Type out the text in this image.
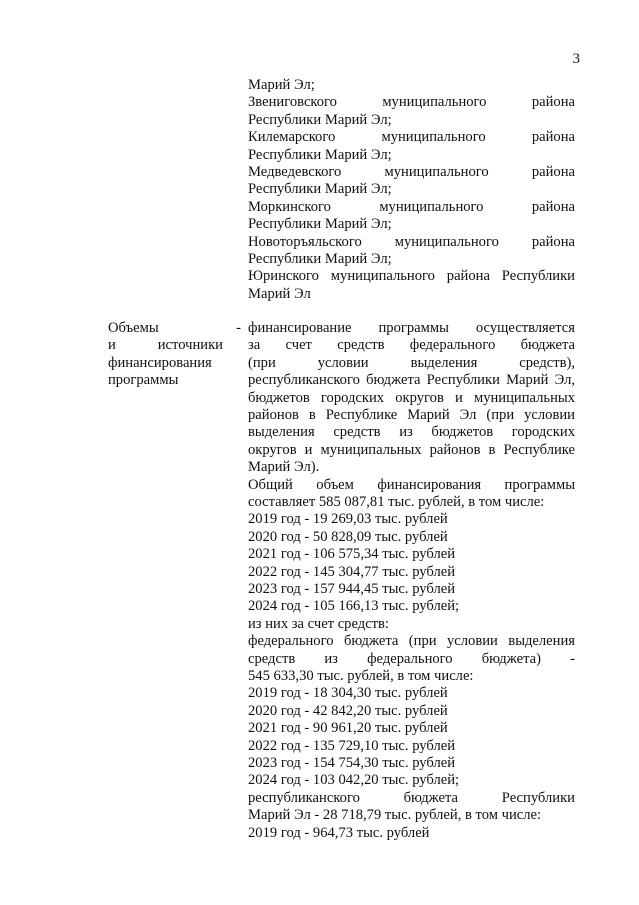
3
Марий Эл;
Звениговского муниципального района
Республики Марий Эл;
Килемарского муниципального района
Республики Марий Эл;
Медведевского муниципального района
Республики Марий Эл;
Моркинского муниципального района
Республики Марий Эл;
Новоторъяльского муниципального района
Республики Марий Эл;
Юринского муниципального района Республики
Марий Эл
Объемы
и источники
финансирования
программы
- финансирование программы осуществляется
за счет средств федерального бюджета
(при условии выделения средств),
республиканского бюджета Республики Марий Эл,
бюджетов городских округов и муниципальных
районов в Республике Марий Эл (при условии
выделения средств из бюджетов городских
округов и муниципальных районов в Республике
Марий Эл).
Общий объем финансирования программы
составляет 585 087,81 тыс. рублей, в том числе:
2019 год - 19 269,03 тыс. рублей
2020 год - 50 828,09 тыс. рублей
2021 год - 106 575,34 тыс. рублей
2022 год - 145 304,77 тыс. рублей
2023 год - 157 944,45 тыс. рублей
2024 год - 105 166,13 тыс. рублей;
из них за счет средств:
федерального бюджета (при условии выделения
средств из федерального бюджета) -
545 633,30 тыс. рублей, в том числе:
2019 год - 18 304,30 тыс. рублей
2020 год - 42 842,20 тыс. рублей
2021 год - 90 961,20 тыс. рублей
2022 год - 135 729,10 тыс. рублей
2023 год - 154 754,30 тыс. рублей
2024 год - 103 042,20 тыс. рублей;
республиканского бюджета Республики
Марий Эл - 28 718,79 тыс. рублей, в том числе:
2019 год - 964,73 тыс. рублей
